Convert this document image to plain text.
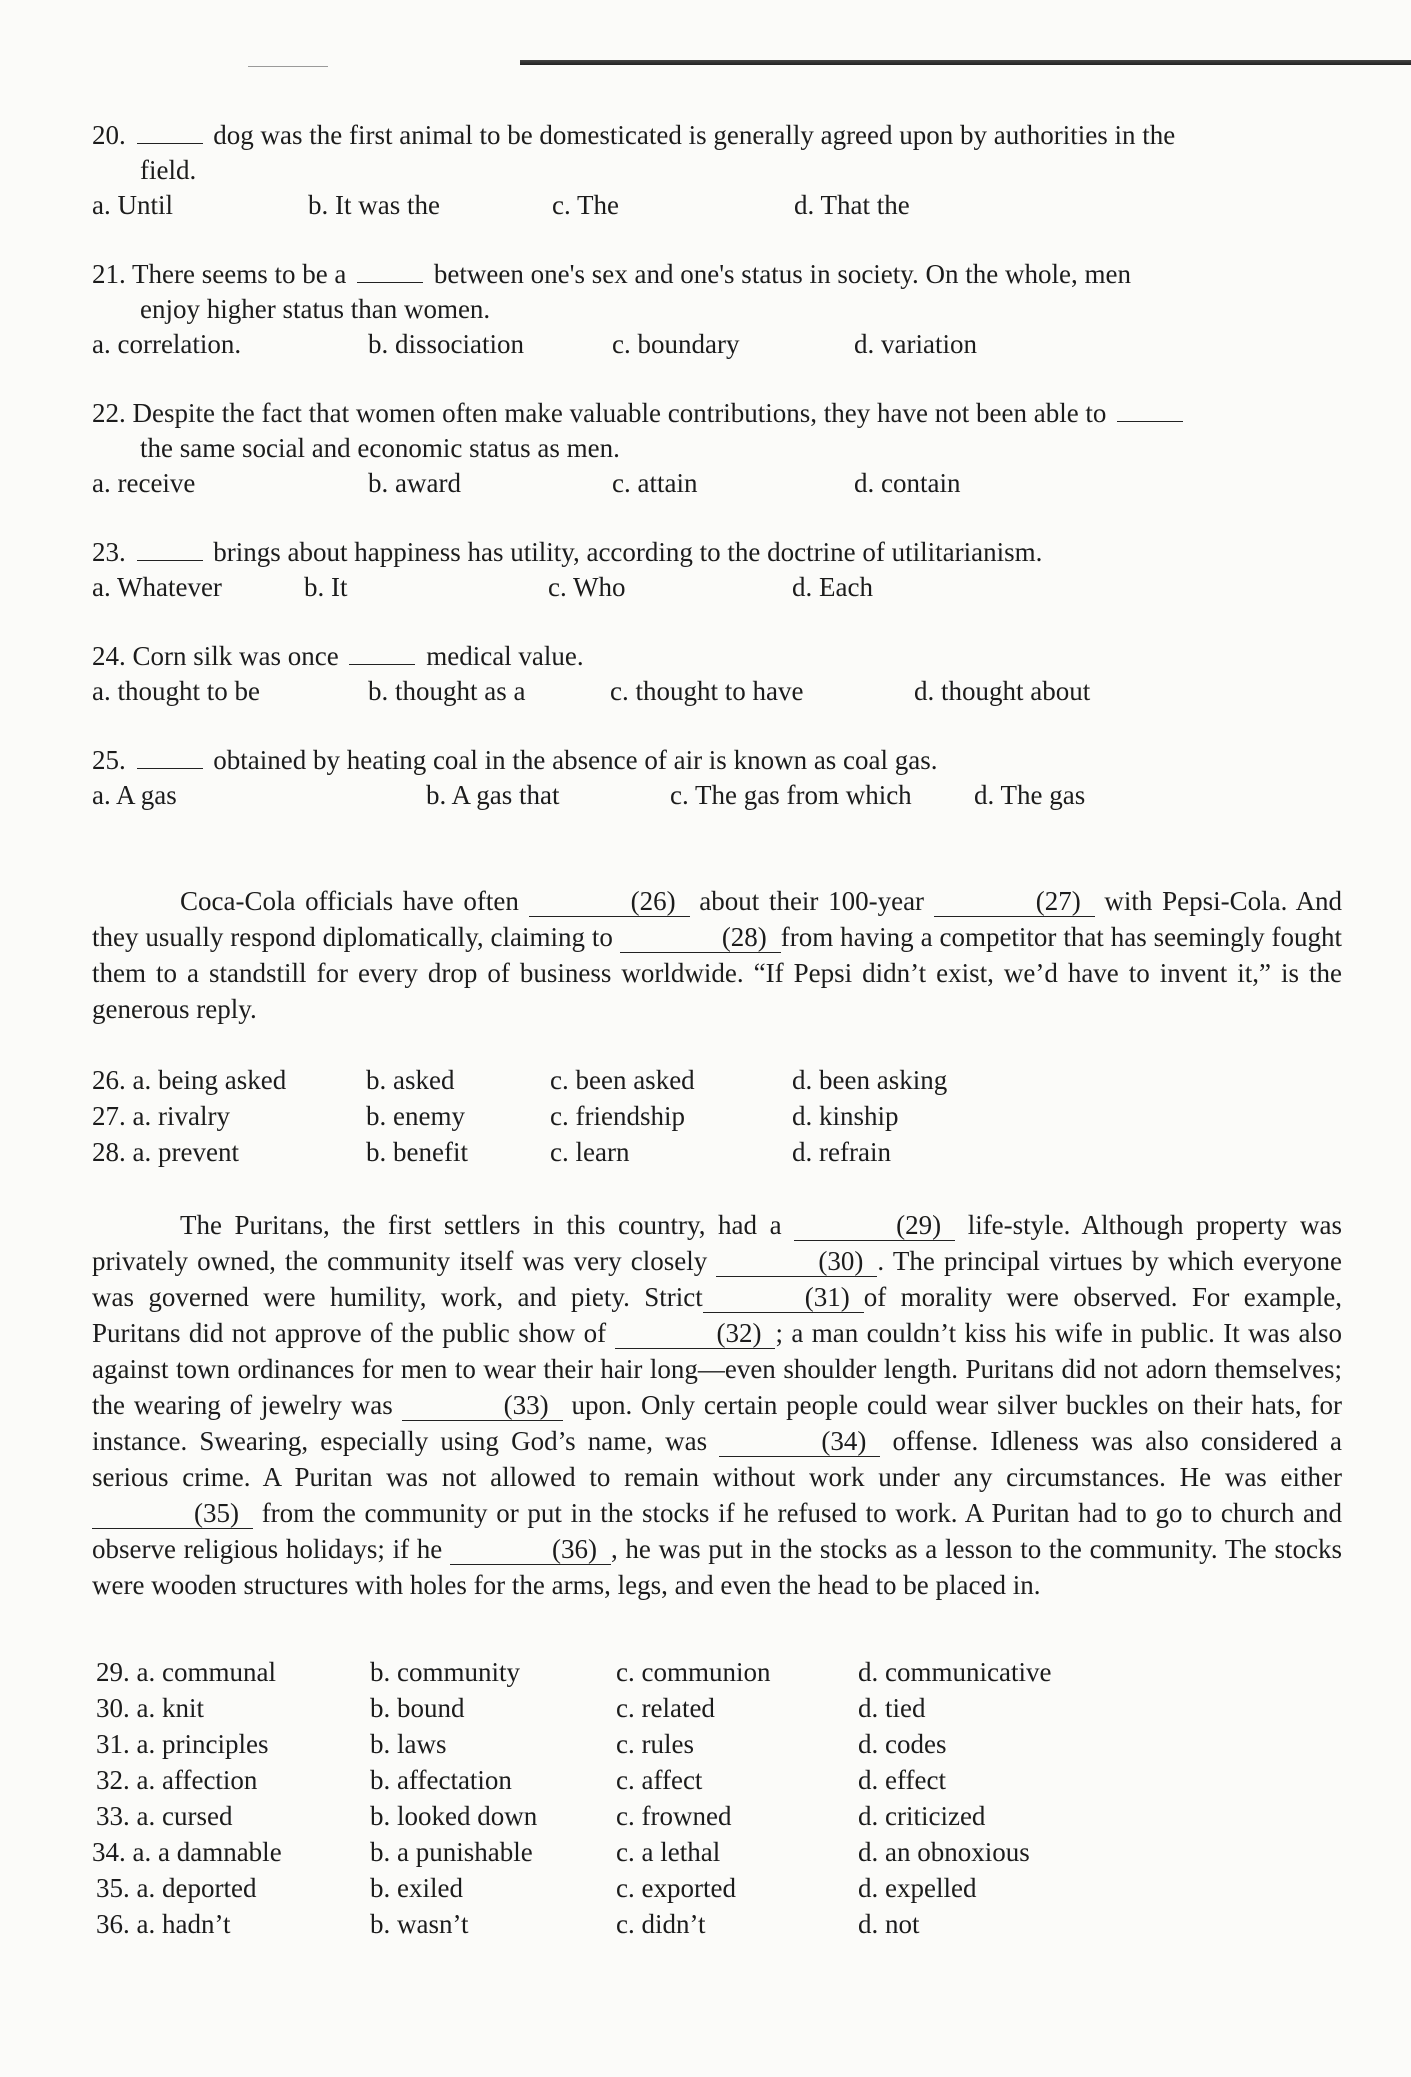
20.	dog was the first animal to be domesticated is generally agreed upon by authorities in the
field.
a. Until	b. It was the	c. The	d. That the
21. There seems to be a	between one's sex and one's status in society. On the whole, men
enjoy higher status than women.
a. correlation.	b. dissociation	c. boundary	d. variation
22. Despite the fact that women often make valuable contributions, they have not been able to
the same social and economic status as men.
a. receive	b. award	c. attain	d. contain
23.	brings about happiness has utility, according to the doctrine of utilitarianism.
a. Whatever	b. It	c. Who	d. Each
24. Corn silk was once	medical value.
a. thought to be	b. thought as a	c. thought to have	d. thought about
25.	obtained by heating coal in the absence of air is known as coal gas.
a. A gas	b. A gas that	c. The gas from which d. The gas
Coca-Cola officials have often	(26) about their 100-year	(27) with Pepsi-Cola. And they usually respond diplomatically, claiming to	(28) from having a competitor that has seemingly fought them to a standstill for every drop of business worldwide. “If Pepsi didn’t exist, we’d have to invent it,” is the generous reply.
26. a. being asked	b. asked	c. been asked	d. been asking
27. a. rivalry	b. enemy	c. friendship	d. kinship
28. a. prevent	b. benefit	c. learn	d. refrain
The Puritans, the first settlers in this country, had a	(29) life-style. Although property was privately owned, the community itself was very closely	(30) . The principal virtues by which everyone was governed were humility, work, and piety. Strict	(31) of morality were observed. For example, Puritans did not approve of the public show of	(32) ; a man couldn’t kiss his wife in public. It was also against town ordinances for men to wear their hair long—even shoulder length. Puritans did not adorn themselves; the wearing of jewelry was	(33) upon. Only certain people could wear silver buckles on their hats, for instance. Swearing, especially using God’s name, was	(34) offense. Idleness was also considered a serious crime. A Puritan was not allowed to remain without work under any circumstances. He was either (35) from the community or put in the stocks if he refused to work. A Puritan had to go to church and observe religious holidays; if he	(36) , he was put in the stocks as a lesson to the community. The stocks were wooden structures with holes for the arms, legs, and even the head to be placed in.
29. a. communal	b. community	c. communion	d. communicative
30. a. knit	b. bound	c. related	d. tied
31. a. principles	b. laws	c. rules	d. codes
32. a. affection	b. affectation	c. affect	d. effect
33. a. cursed	b. looked down	c. frowned	d. criticized
34. a. a damnable	b. a punishable	c. a lethal	d. an obnoxious
35. a. deported	b. exiled	c. exported	d. expelled
36. a. hadn’t	b. wasn’t	c. didn’t	d. not
